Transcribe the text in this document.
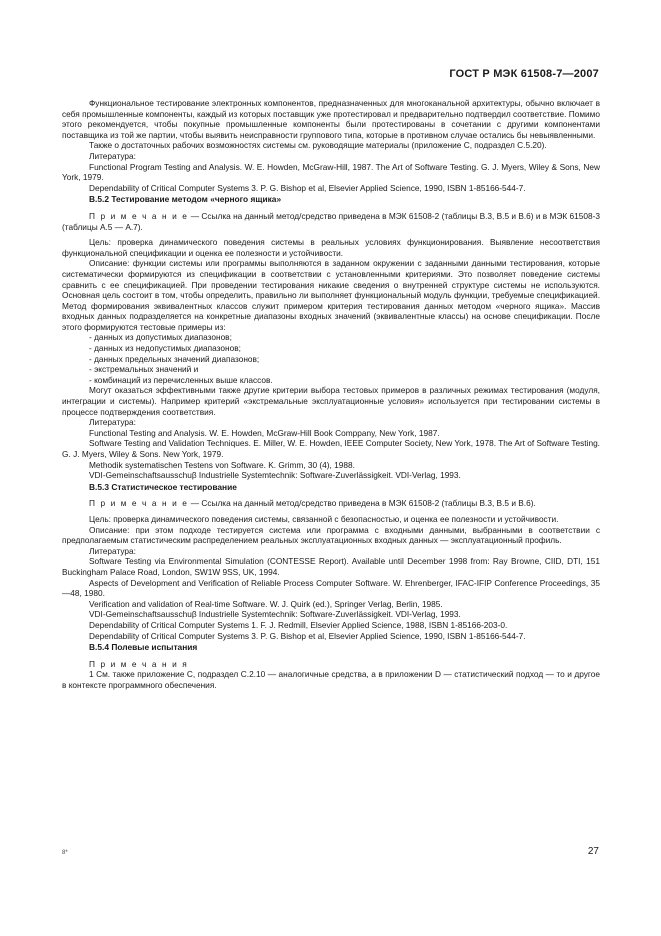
ГОСТ Р МЭК 61508-7—2007

Функциональное тестирование электронных компонентов, предназначенных для многоканальной архитектуры, обычно включает в себя промышленные компоненты, каждый из которых поставщик уже протестировал и предварительно подтвердил соответствие. Помимо этого рекомендуется, чтобы покупные промышленные компоненты были протестированы в сочетании с другими компонентами поставщика из той же партии, чтобы выявить неисправности группового типа, которые в противном случае остались бы невыявленными.

Также о достаточных рабочих возможностях системы см. руководящие материалы (приложение С, подраздел С.5.20).

Литература:

Functional Program Testing and Analysis. W. E. Howden, McGraw-Hill, 1987. The Art of Software Testing. G. J. Myers, Wiley & Sons, New York, 1979.

Dependability of Critical Computer Systems 3. P. G. Bishop et al, Elsevier Applied Science, 1990, ISBN 1-85166-544-7.

B.5.2 Тестирование методом «черного ящика»

П р и м е ч а н и е — Ссылка на данный метод/средство приведена в МЭК 61508-2 (таблицы В.3, В.5 и В.6) и в МЭК 61508-3 (таблицы А.5 — А.7).

Цель: проверка динамического поведения системы в реальных условиях функционирования. Выявление несоответствия функциональной спецификации и оценка ее полезности и устойчивости.

Описание: функции системы или программы выполняются в заданном окружении с заданными данными тестирования, которые систематически формируются из спецификации в соответствии с установленными критериями. Это позволяет поведение системы сравнить с ее спецификацией. При проведении тестирования никакие сведения о внутренней структуре системы не используются. Основная цель состоит в том, чтобы определить, правильно ли выполняет функциональный модуль функции, требуемые спецификацией. Метод формирования эквивалентных классов служит примером критерия тестирования данных методом «черного ящика». Массив входных данных подразделяется на конкретные диапазоны входных значений (эквивалентные классы) на основе спецификации. После этого формируются тестовые примеры из:

- данных из допустимых диапазонов;
- данных из недопустимых диапазонов;
- данных предельных значений диапазонов;
- экстремальных значений и
- комбинаций из перечисленных выше классов.

Могут оказаться эффективными также другие критерии выбора тестовых примеров в различных режимах тестирования (модуля, интеграции и системы). Например критерий «экстремальные эксплуатационные условия» используется при тестировании системы в процессе подтверждения соответствия.

Литература:

Functional Testing and Analysis. W. E. Howden, McGraw-Hill Book Comppany, New York, 1987.

Software Testing and Validation Techniques. E. Miller, W. E. Howden, IEEE Computer Society, New York, 1978. The Art of Software Testing. G. J. Myers, Wiley & Sons. New York, 1979.

Methodik systematischen Testens von Software. K. Grimm, 30 (4), 1988.

VDI-Gemeinschaftsausschuβ Industrielle Systemtechnik: Software-Zuverlässigkeit. VDI-Verlag, 1993.

B.5.3 Статистическое тестирование

П р и м е ч а н и е — Ссылка на данный метод/средство приведена в МЭК 61508-2 (таблицы В.3, В.5 и В.6).

Цель: проверка динамического поведения системы, связанной с безопасностью, и оценка ее полезности и устойчивости.

Описание: при этом подходе тестируется система или программа с входными данными, выбранными в соответствии с предполагаемым статистическим распределением реальных эксплуатационных входных данных — эксплуатационный профиль.

Литература:

Software Testing via Environmental Simulation (CONTESSE Report). Available until December 1998 from: Ray Browne, CIID, DTI, 151 Buckingham Palace Road, London, SW1W 9SS, UK, 1994.

Aspects of Development and Verification of Reliable Process Computer Software. W. Ehrenberger, IFAC-IFIP Conference Proceedings, 35—48, 1980.

Verification and validation of Real-time Software. W. J. Quirk (ed.), Springer Verlag, Berlin, 1985.

VDI-Gemeinschaftsausschuβ Industrielle Systemtechnik: Software-Zuverlässigkeit. VDI-Verlag, 1993.

Dependability of Critical Computer Systems 1. F. J. Redmill, Elsevier Applied Science, 1988, ISBN 1-85166-203-0.

Dependability of Critical Computer Systems 3. P. G. Bishop et al, Elsevier Applied Science, 1990, ISBN 1-85166-544-7.

B.5.4 Полевые испытания

П р и м е ч а н и я

1 См. также приложение С, подраздел С.2.10 — аналогичные средства, а в приложении D — статистический подход — то и другое в контексте программного обеспечения.

8*	27
